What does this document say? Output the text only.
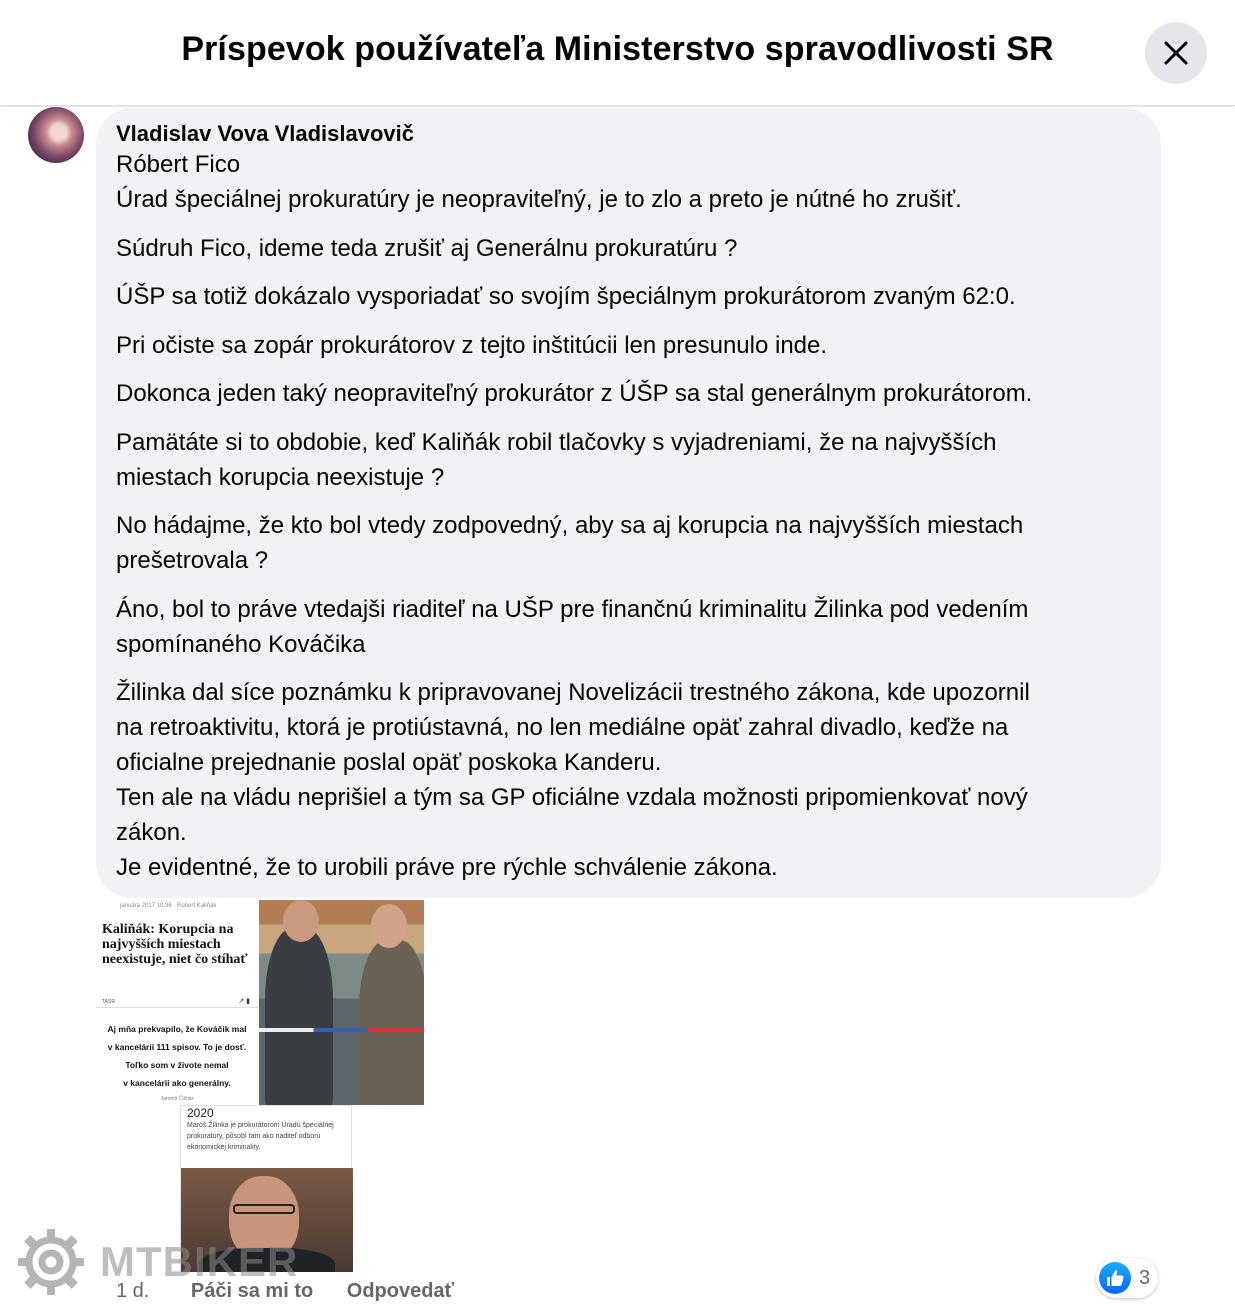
Príspevok používateľa Ministerstvo spravodlivosti SR
Vladislav Vova Vladislavovič
Róbert Fico
Úrad špeciálnej prokuratúry je neopraviteľný, je to zlo a preto je nútné ho zrušiť.
Súdruh Fico, ideme teda zrušiť aj Generálnu prokuratúru ?
ÚŠP sa totiž dokázalo vysporiadať so svojím špeciálnym prokurátorom zvaným 62:0.
Pri očiste sa zopár prokurátorov z tejto inštitúcii len presunulo inde.
Dokonca jeden taký neopraviteľný prokurátor z ÚŠP sa stal generálnym prokurátorom.
Pamätáte si to obdobie, keď Kaliňák robil tlačovky s vyjadreniami, že na najvyšších
miestach korupcia neexistuje ?
No hádajme, že kto bol vtedy zodpovedný, aby sa aj korupcia na najvyšších miestach
prešetrovala ?
Áno, bol to práve vtedajši riaditeľ na UŠP pre finančnú kriminalitu Žilinka pod vedením
spomínaného Kováčika
Žilinka dal síce poznámku k pripravovanej Novelizácii trestného zákona, kde upozornil
na retroaktivitu, ktorá je protiústavná, no len mediálne opäť zahral divadlo, keďže na
oficialne prejednanie poslal opäť poskoka Kanderu.
Ten ale na vládu neprišiel a tým sa GP oficiálne vzdala možnosti pripomienkovať nový
zákon.
Je evidentné, že to urobili práve pre rýchle schválenie zákona.
januára 2017 10:36 · Robert Kaliňák
Kaliňák: Korupcia na najvyšších miestach neexistuje, niet čo stíhať
TASR	↗ ▮
Aj mňa prekvapilo, že Kováčik mal
v kancelárii 111 spisov. To je dosť.
Toľko som v živote nemal
v kancelárii ako generálny.
Jaromír Čižnár
2020
Maroš Žilinka je prokurátorom Úradu špeciálnej prokuratúry, pôsobí tam ako riaditeľ odboru ekonomickej kriminality.
MTBIKER
1 d. Páči sa mi to Odpovedať
3
